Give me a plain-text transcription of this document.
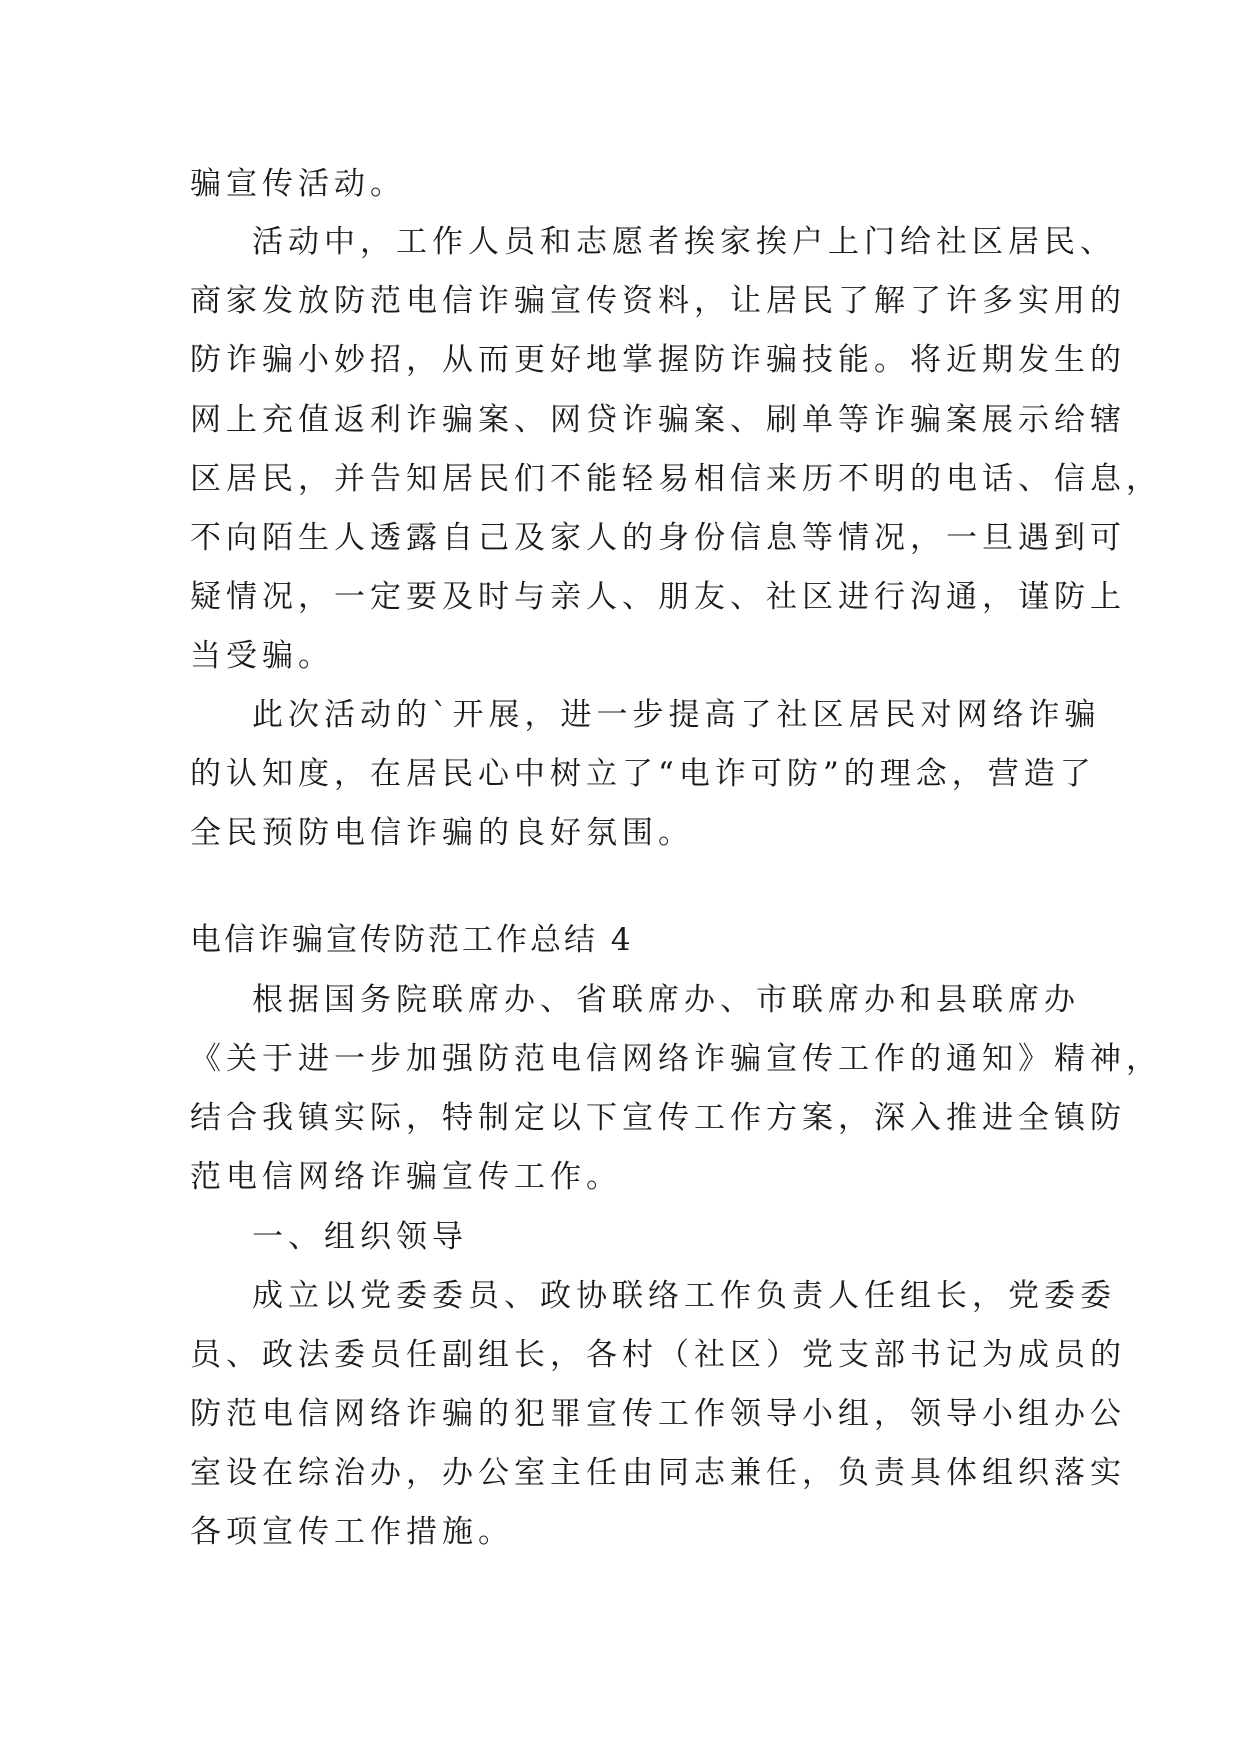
骗宣传活动。
活动中，工作人员和志愿者挨家挨户上门给社区居民、
商家发放防范电信诈骗宣传资料，让居民了解了许多实用的
防诈骗小妙招，从而更好地掌握防诈骗技能。将近期发生的
网上充值返利诈骗案、网贷诈骗案、刷单等诈骗案展示给辖
区居民，并告知居民们不能轻易相信来历不明的电话、信息，
不向陌生人透露自己及家人的身份信息等情况，一旦遇到可
疑情况，一定要及时与亲人、朋友、社区进行沟通，谨防上
当受骗。
此次活动的`开展，进一步提高了社区居民对网络诈骗
的认知度，在居民心中树立了“电诈可防”的理念，营造了
全民预防电信诈骗的良好氛围。
电信诈骗宣传防范工作总结 4
根据国务院联席办、省联席办、市联席办和县联席办
《关于进一步加强防范电信网络诈骗宣传工作的通知》精神，
结合我镇实际，特制定以下宣传工作方案，深入推进全镇防
范电信网络诈骗宣传工作。
一、组织领导
成立以党委委员、政协联络工作负责人任组长，党委委
员、政法委员任副组长，各村（社区）党支部书记为成员的
防范电信网络诈骗的犯罪宣传工作领导小组，领导小组办公
室设在综治办，办公室主任由同志兼任，负责具体组织落实
各项宣传工作措施。
